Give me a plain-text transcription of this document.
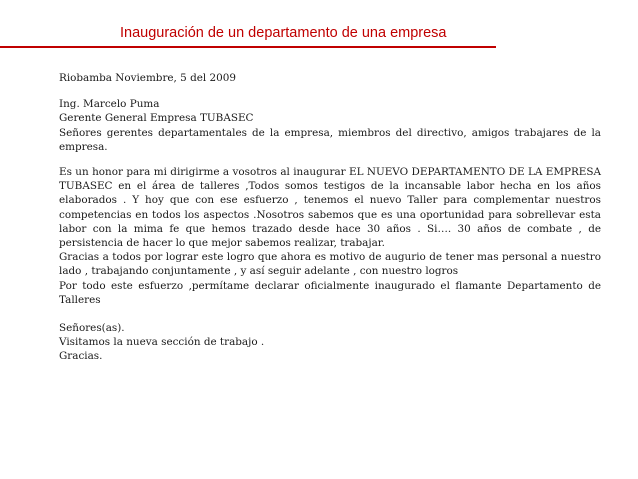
Inauguración de un departamento de una empresa

Riobamba Noviembre, 5 del 2009

Ing. Marcelo Puma

Gerente General Empresa TUBASEC

Señores gerentes departamentales de la empresa, miembros del directivo, amigos trabajares de la empresa.

Es un honor para mi dirigirme a vosotros al inaugurar EL NUEVO DEPARTAMENTO DE LA EMPRESA TUBASEC en el área de talleres ,Todos somos testigos de la incansable labor hecha en los años elaborados . Y hoy que con ese esfuerzo , tenemos el nuevo Taller para complementar nuestros competencias en todos los aspectos .Nosotros sabemos que es una oportunidad para sobrellevar esta labor con la mima fe que hemos trazado desde hace 30 años . Si…. 30 años de combate , de persistencia de hacer lo que mejor sabemos realizar, trabajar.

Gracias a todos por lograr este logro que ahora es motivo de augurio de tener mas personal a nuestro lado , trabajando conjuntamente , y así seguir adelante , con nuestro logros

Por todo este esfuerzo ,permítame declarar oficialmente inaugurado el flamante Departamento de Talleres

Señores(as).

Visitamos la nueva sección de trabajo .

Gracias.
